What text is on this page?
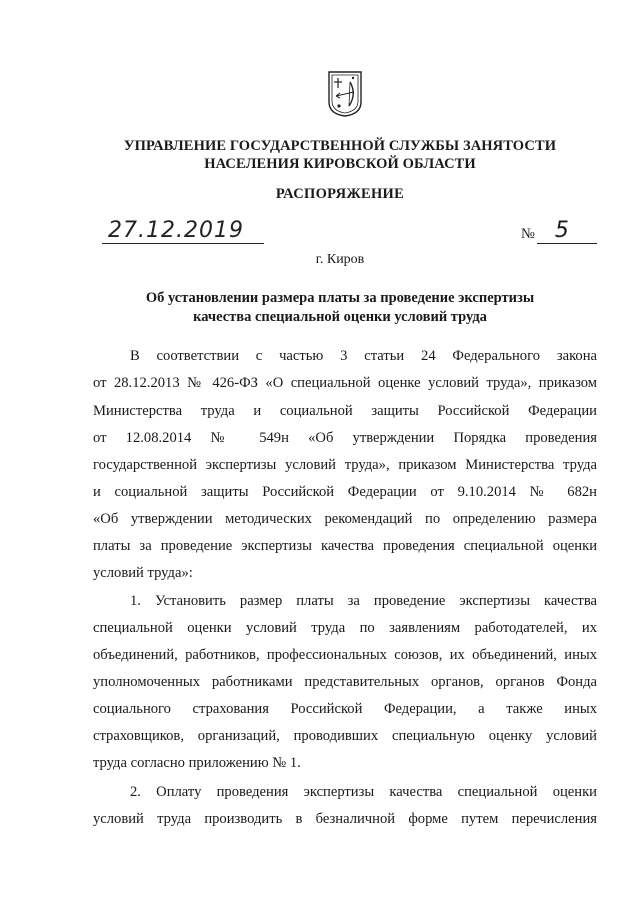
УПРАВЛЕНИЕ ГОСУДАРСТВЕННОЙ СЛУЖБЫ ЗАНЯТОСТИ
НАСЕЛЕНИЯ КИРОВСКОЙ ОБЛАСТИ
РАСПОРЯЖЕНИЕ
27.12.2019	№ 5
г. Киров
Об установлении размера платы за проведение экспертизы
качества специальной оценки условий труда
В соответствии с частью 3 статьи 24 Федерального закона
от 28.12.2013 № 426-ФЗ «О специальной оценке условий труда», приказом
Министерства труда и социальной защиты Российской Федерации
от 12.08.2014 № 549н «Об утверждении Порядка проведения
государственной экспертизы условий труда», приказом Министерства труда
и социальной защиты Российской Федерации от 9.10.2014 № 682н
«Об утверждении методических рекомендаций по определению размера
платы за проведение экспертизы качества проведения специальной оценки
условий труда»:
1. Установить размер платы за проведение экспертизы качества
специальной оценки условий труда по заявлениям работодателей, их
объединений, работников, профессиональных союзов, их объединений, иных
уполномоченных работниками представительных органов, органов Фонда
социального страхования Российской Федерации, а также иных
страховщиков, организаций, проводивших специальную оценку условий
труда согласно приложению № 1.
2. Оплату проведения экспертизы качества специальной оценки
условий труда производить в безналичной форме путем перечисления
